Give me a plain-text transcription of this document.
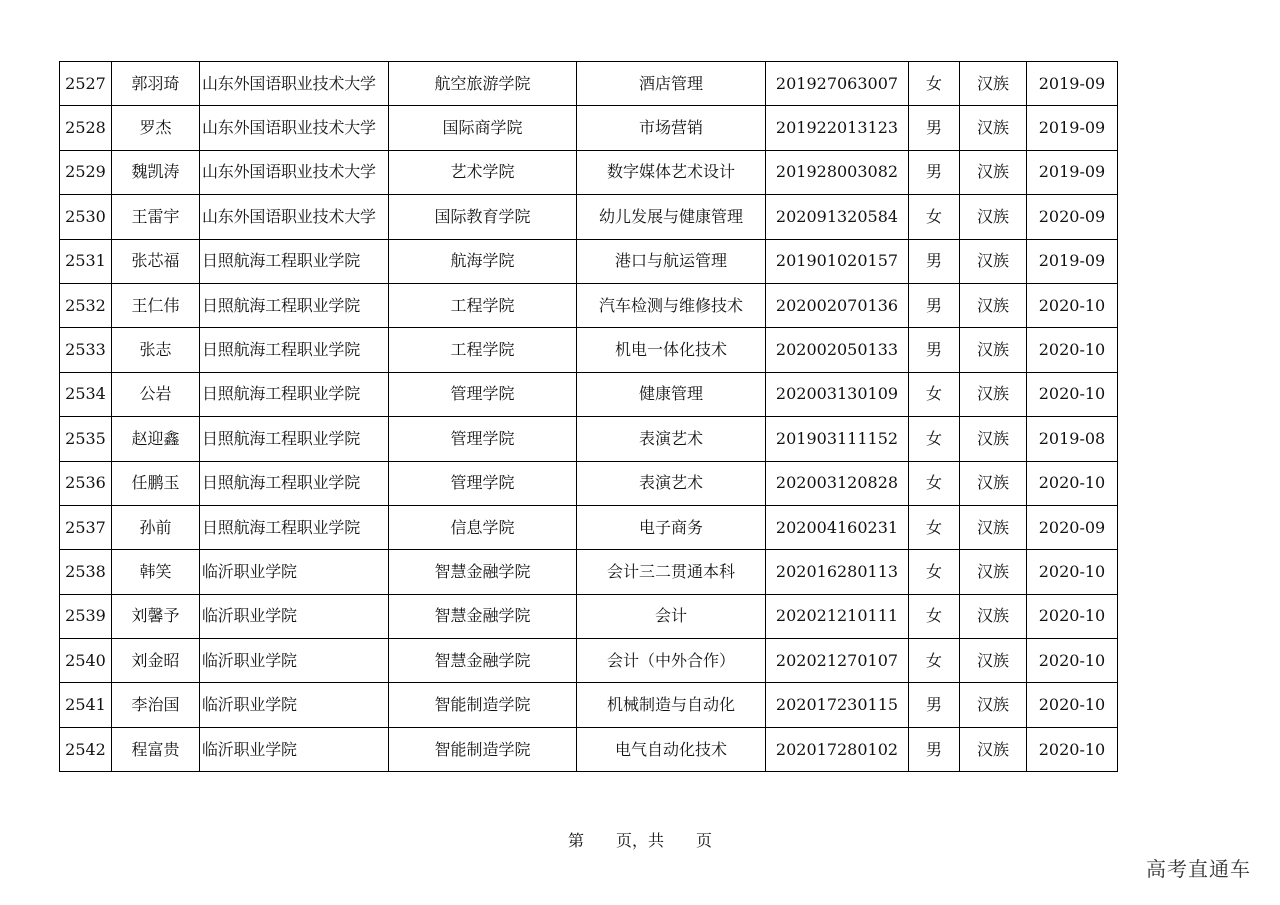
2527	郭羽琦	山东外国语职业技术大学	航空旅游学院	酒店管理	201927063007	女	汉族	2019-09
2528	罗杰	山东外国语职业技术大学	国际商学院	市场营销	201922013123	男	汉族	2019-09
2529	魏凯涛	山东外国语职业技术大学	艺术学院	数字媒体艺术设计	201928003082	男	汉族	2019-09
2530	王雷宇	山东外国语职业技术大学	国际教育学院	幼儿发展与健康管理	202091320584	女	汉族	2020-09
2531	张芯福	日照航海工程职业学院	航海学院	港口与航运管理	201901020157	男	汉族	2019-09
2532	王仁伟	日照航海工程职业学院	工程学院	汽车检测与维修技术	202002070136	男	汉族	2020-10
2533	张志	日照航海工程职业学院	工程学院	机电一体化技术	202002050133	男	汉族	2020-10
2534	公岩	日照航海工程职业学院	管理学院	健康管理	202003130109	女	汉族	2020-10
2535	赵迎鑫	日照航海工程职业学院	管理学院	表演艺术	201903111152	女	汉族	2019-08
2536	任鹏玉	日照航海工程职业学院	管理学院	表演艺术	202003120828	女	汉族	2020-10
2537	孙前	日照航海工程职业学院	信息学院	电子商务	202004160231	女	汉族	2020-09
2538	韩笑	临沂职业学院	智慧金融学院	会计三二贯通本科	202016280113	女	汉族	2020-10
2539	刘馨予	临沂职业学院	智慧金融学院	会计	202021210111	女	汉族	2020-10
2540	刘金昭	临沂职业学院	智慧金融学院	会计（中外合作）	202021270107	女	汉族	2020-10
2541	李治国	临沂职业学院	智能制造学院	机械制造与自动化	202017230115	男	汉族	2020-10
2542	程富贵	临沂职业学院	智能制造学院	电气自动化技术	202017280102	男	汉族	2020-10
第 页，共 页
高考直通车
